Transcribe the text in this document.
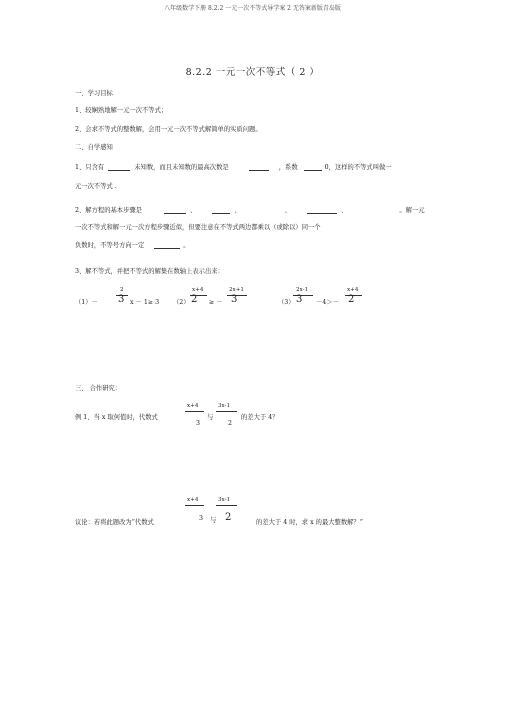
八年级数学下册 8.2.2 一元一次不等式导学案 2 无答案新版青岛版
8.2.2 一元一次不等式（ 2 ）
一、学习目标
1、较娴熟地解一元一次不等式；
2、会求不等式的整数解，会用一元一次不等式解简单的实质问题。
二、自学感知
1、只含有	未知数，而且未知数的最高次数是	，系数	0，这样的不等式叫做一
元一次不等式 .
2、解方程的基本步骤是	、	、	、	、	。解一元
一次不等式和解一元一次方程步骤近似，但要注意在不等式两边都乘以（或除以）同一个
负数时，不等号方向一定	。
3、解不等式，并把不等式的解集在数轴上表示出来：
（1）－
2
3 x － 1≥ 3 （2）
x+4
2 ≥ －
2x+1
3	（3）
2x-1
3 －4＞－
x+4
2
三、 合作研究：
例 1、当 x 取何值时，代数式
x+4
3
与
3x-1
2
的差大于 4？
议论：若将此题改为“代数式
x+4
3 与
3x-1
2	的差大于 4 时，求 x 的最大整数解？”
